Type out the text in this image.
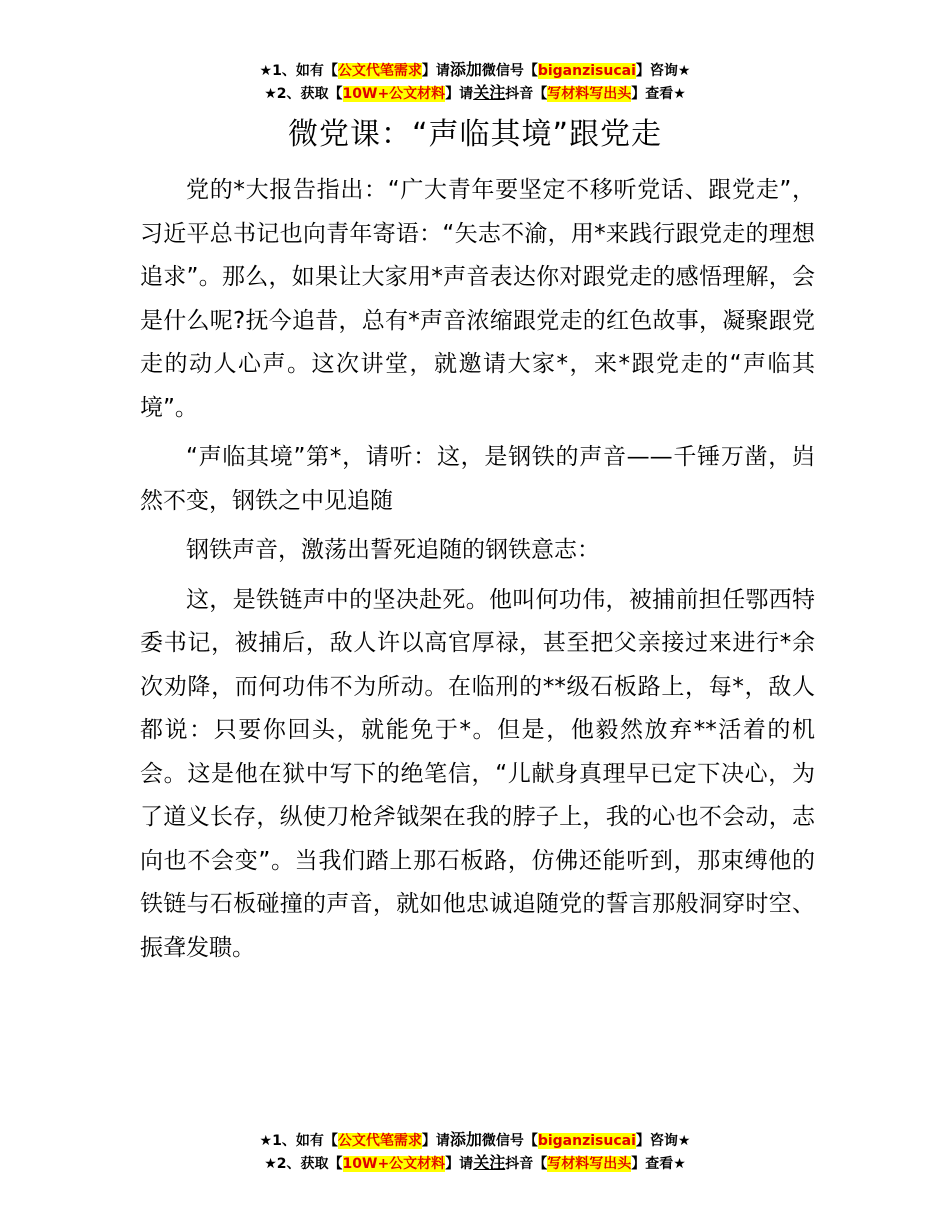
★1、如有【公文代笔需求】请添加微信号【biganzisucai】咨询★
★2、获取【10W+公文材料】请关注抖音【写材料写出头】查看★
微党课：“声临其境”跟党走

党的*大报告指出：“广大青年要坚定不移听党话、跟党走”，习近平总书记也向青年寄语：“矢志不渝，用*来践行跟党走的理想追求”。那么，如果让大家用*声音表达你对跟党走的感悟理解，会是什么呢?抚今追昔，总有*声音浓缩跟党走的红色故事，凝聚跟党走的动人心声。这次讲堂，就邀请大家*，来*跟党走的“声临其境”。

“声临其境”第*，请听：这，是钢铁的声音——千锤万凿，岿然不变，钢铁之中见追随

钢铁声音，激荡出誓死追随的钢铁意志：

这，是铁链声中的坚决赴死。他叫何功伟，被捕前担任鄂西特委书记，被捕后，敌人许以高官厚禄，甚至把父亲接过来进行*余次劝降，而何功伟不为所动。在临刑的**级石板路上，每*，敌人都说：只要你回头，就能免于*。但是，他毅然放弃**活着的机会。这是他在狱中写下的绝笔信，“儿献身真理早已定下决心，为了道义长存，纵使刀枪斧钺架在我的脖子上，我的心也不会动，志向也不会变”。当我们踏上那石板路，仿佛还能听到，那束缚他的铁链与石板碰撞的声音，就如他忠诚追随党的誓言那般洞穿时空、振聋发聩。

★1、如有【公文代笔需求】请添加微信号【biganzisucai】咨询★
★2、获取【10W+公文材料】请关注抖音【写材料写出头】查看★
